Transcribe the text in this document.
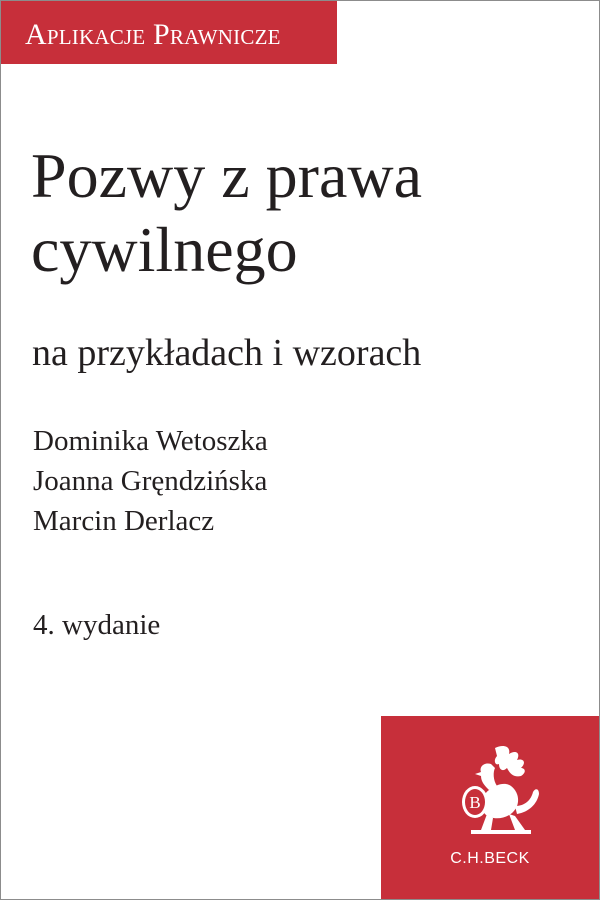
Aplikacje Prawnicze
Pozwy z prawa
cywilnego
na przykładach i wzorach
Dominika Wetoszka
Joanna Gręndzińska
Marcin Derlacz
4. wydanie
B
C.H.BECK
